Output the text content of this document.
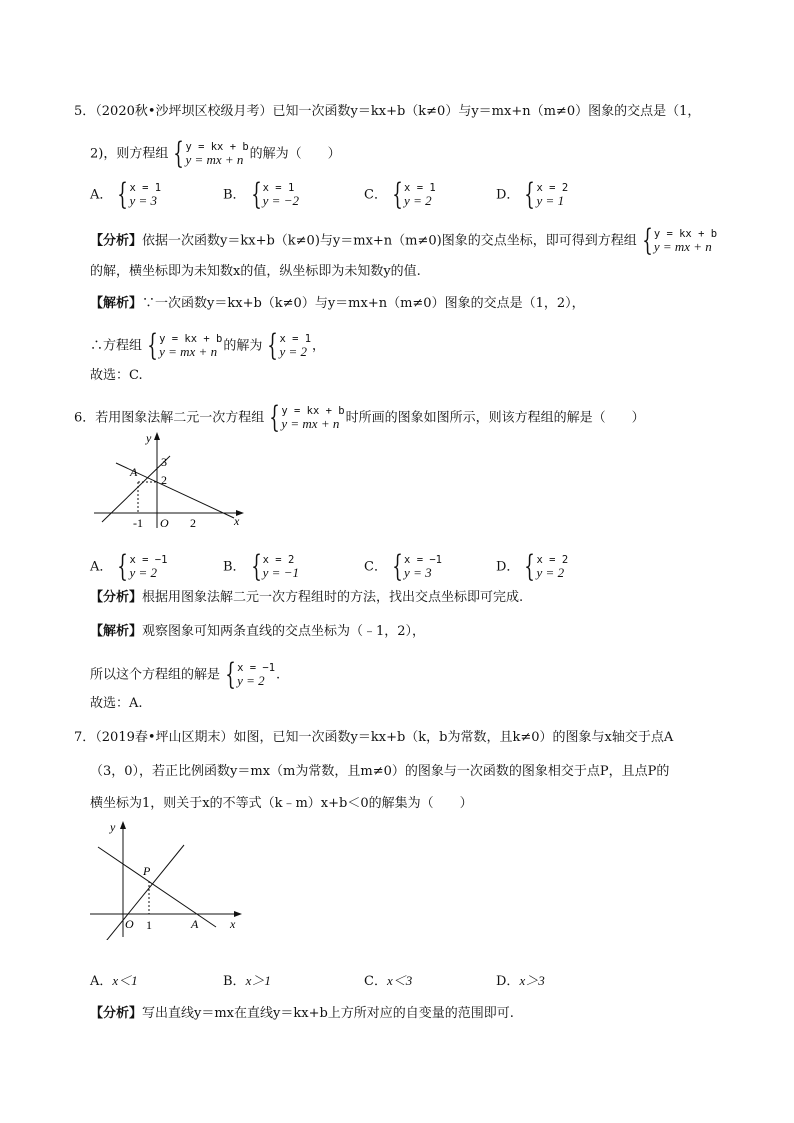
5．（2020秋•沙坪坝区校级月考）已知一次函数y＝kx+b（k≠0）与y＝mx+n（m≠0）图象的交点是（1，
2)，则方程组 { y = kx + b
y = mx + n 的解为（　　）
A． { x = 1
y = 3	B． { x = 1
y = −2	C． { x = 1
y = 2	D． { x = 2
y = 1
【分析】依据一次函数y＝kx+b（k≠0)与y＝mx+n（m≠0)图象的交点坐标，即可得到方程组 { y = kx + b
y = mx + n
的解，横坐标即为未知数x的值，纵坐标即为未知数y的值.
【解析】∵一次函数y＝kx+b（k≠0）与y＝mx+n（m≠0）图象的交点是（1，2），
∴方程组 { y = kx + b
y = mx + n 的解为 { x = 1
y = 2 ，
故选：C.
6．若用图象法解二元一次方程组 { y = kx + b
y = mx + n 时所画的图象如图所示，则该方程组的解是（　　）
y
x
A
3
2
-1 O 2
A． { x = −1
y = 2	B． { x = 2
y = −1	C． { x = −1
y = 3	D． { x = 2
y = 2
【分析】根据用图象法解二元一次方程组时的方法，找出交点坐标即可完成.
【解析】观察图象可知两条直线的交点坐标为（﹣1，2），
所以这个方程组的解是 { x = −1
y = 2 .
故选：A.
7．（2019春•坪山区期末）如图，已知一次函数y＝kx+b（k，b为常数，且k≠0）的图象与x轴交于点A
（3，0），若正比例函数y＝mx（m为常数，且m≠0）的图象与一次函数的图象相交于点P，且点P的
横坐标为1，则关于x的不等式（k﹣m）x+b＜0的解集为（　　）
y
x
P
O 1	A
A．x＜1	B．x＞1	C．x＜3	D．x＞3
【分析】写出直线y＝mx在直线y＝kx+b上方所对应的自变量的范围即可.
